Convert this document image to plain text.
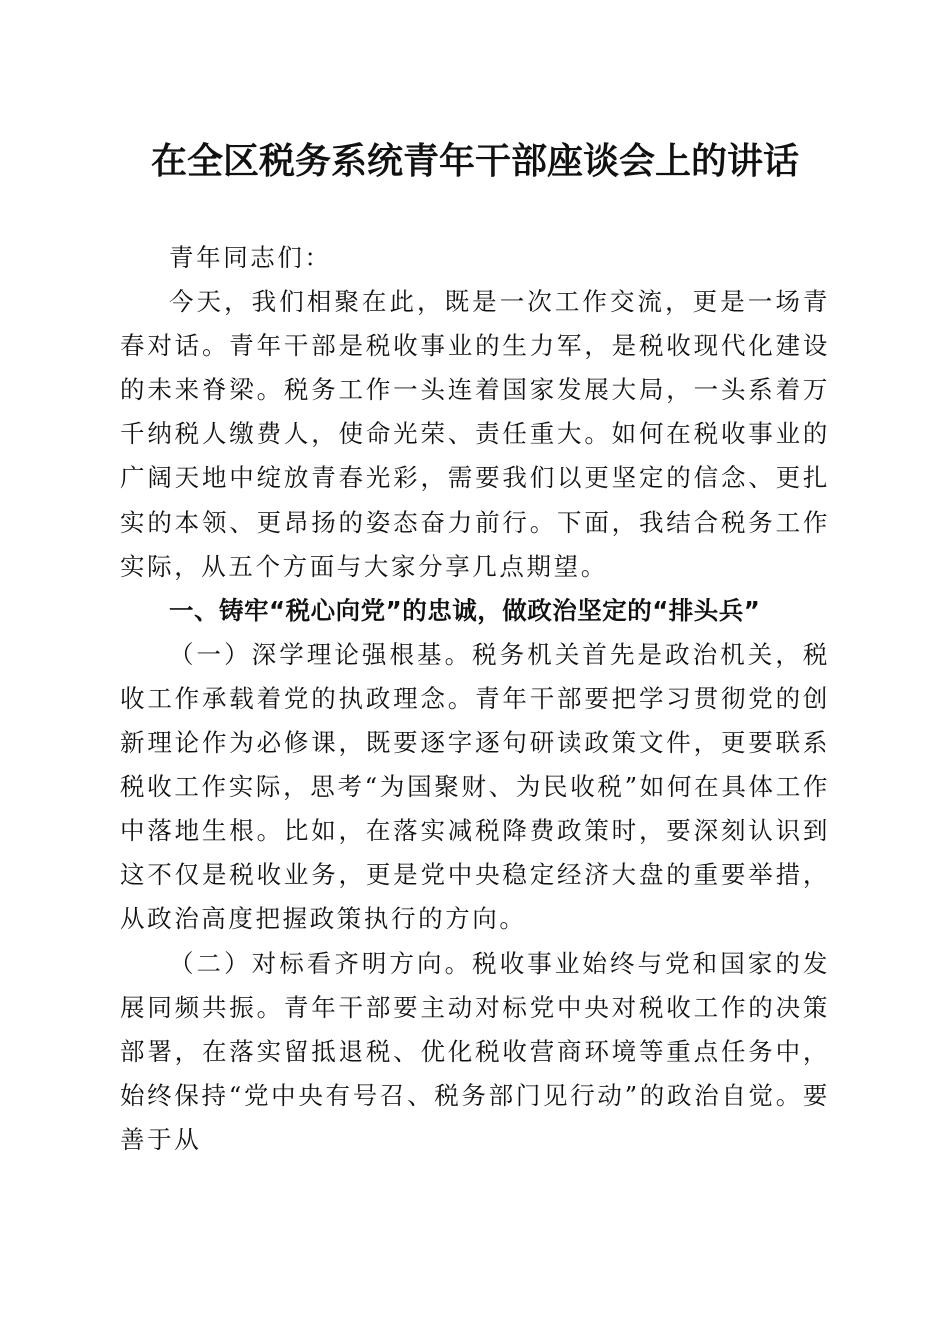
在全区税务系统青年干部座谈会上的讲话

青年同志们：

今天，我们相聚在此，既是一次工作交流，更是一场青春对话。青年干部是税收事业的生力军，是税收现代化建设的未来脊梁。税务工作一头连着国家发展大局，一头系着万千纳税人缴费人，使命光荣、责任重大。如何在税收事业的广阔天地中绽放青春光彩，需要我们以更坚定的信念、更扎实的本领、更昂扬的姿态奋力前行。下面，我结合税务工作实际，从五个方面与大家分享几点期望。

一、铸牢“税心向党”的忠诚，做政治坚定的“排头兵”

（一）深学理论强根基。税务机关首先是政治机关，税收工作承载着党的执政理念。青年干部要把学习贯彻党的创新理论作为必修课，既要逐字逐句研读政策文件，更要联系税收工作实际，思考“为国聚财、为民收税”如何在具体工作中落地生根。比如，在落实减税降费政策时，要深刻认识到这不仅是税收业务，更是党中央稳定经济大盘的重要举措，从政治高度把握政策执行的方向。

（二）对标看齐明方向。税收事业始终与党和国家的发展同频共振。青年干部要主动对标党中央对税收工作的决策部署，在落实留抵退税、优化税收营商环境等重点任务中，始终保持“党中央有号召、税务部门见行动”的政治自觉。要善于从
